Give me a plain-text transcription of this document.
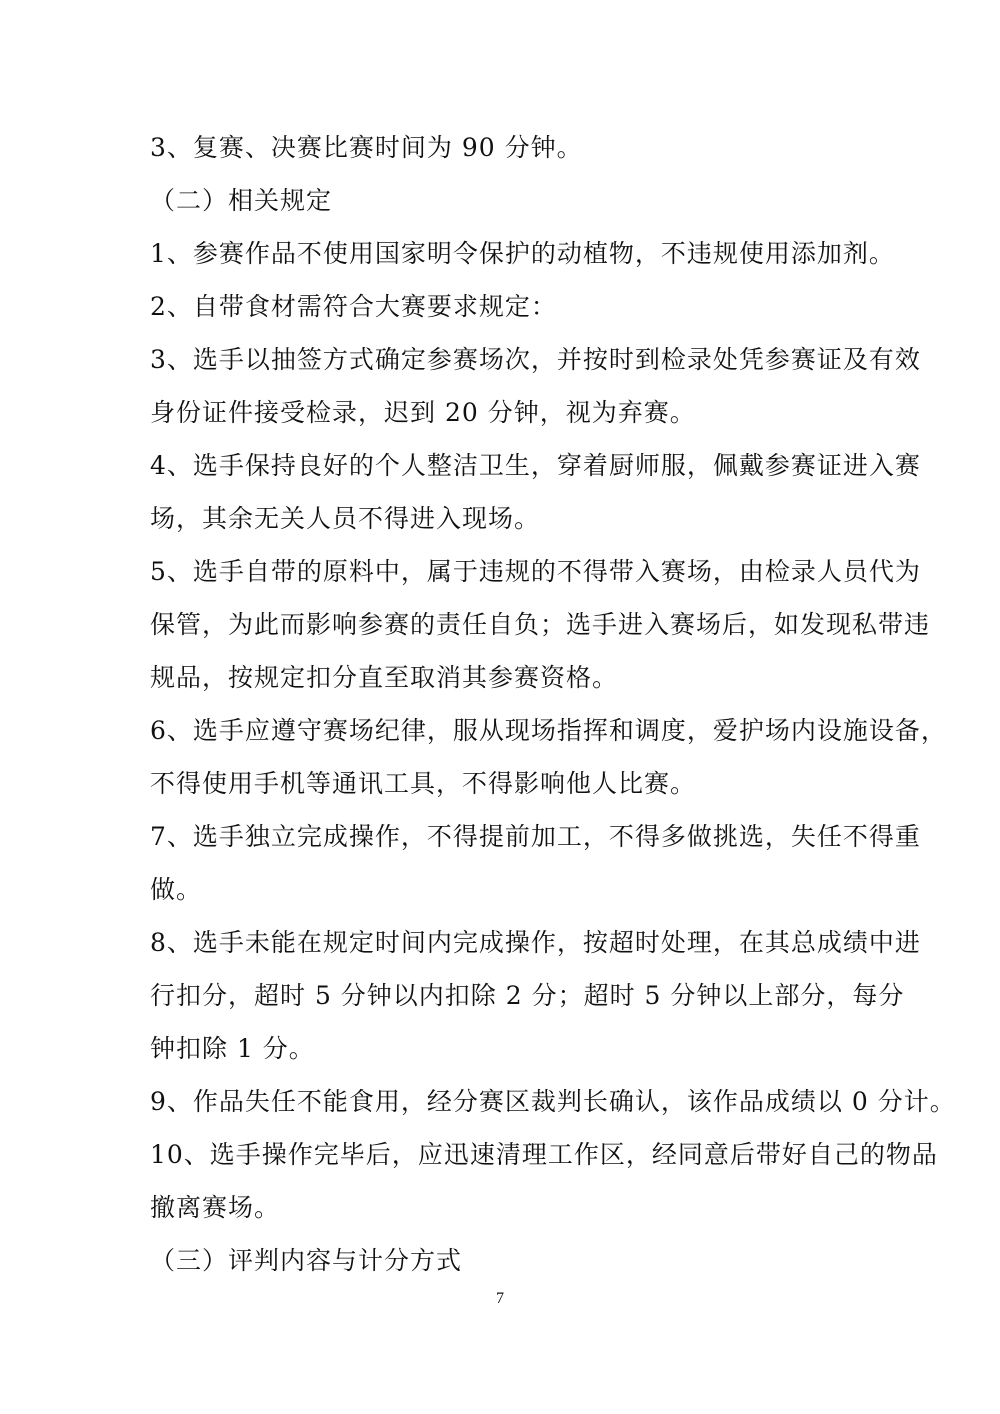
3、复赛、决赛比赛时间为 90 分钟。
（二）相关规定
1、参赛作品不使用国家明令保护的动植物，不违规使用添加剂。
2、自带食材需符合大赛要求规定：
3、选手以抽签方式确定参赛场次，并按时到检录处凭参赛证及有效
身份证件接受检录，迟到 20 分钟，视为弃赛。
4、选手保持良好的个人整洁卫生，穿着厨师服，佩戴参赛证进入赛
场，其余无关人员不得进入现场。
5、选手自带的原料中，属于违规的不得带入赛场，由检录人员代为
保管，为此而影响参赛的责任自负；选手进入赛场后，如发现私带违
规品，按规定扣分直至取消其参赛资格。
6、选手应遵守赛场纪律，服从现场指挥和调度，爱护场内设施设备，
不得使用手机等通讯工具，不得影响他人比赛。
7、选手独立完成操作，不得提前加工，不得多做挑选，失任不得重
做。
8、选手未能在规定时间内完成操作，按超时处理，在其总成绩中进
行扣分，超时 5 分钟以内扣除 2 分；超时 5 分钟以上部分，每分
钟扣除 1 分。
9、作品失任不能食用，经分赛区裁判长确认，该作品成绩以 0 分计。
10、选手操作完毕后，应迅速清理工作区，经同意后带好自己的物品
撤离赛场。
（三）评判内容与计分方式
7
